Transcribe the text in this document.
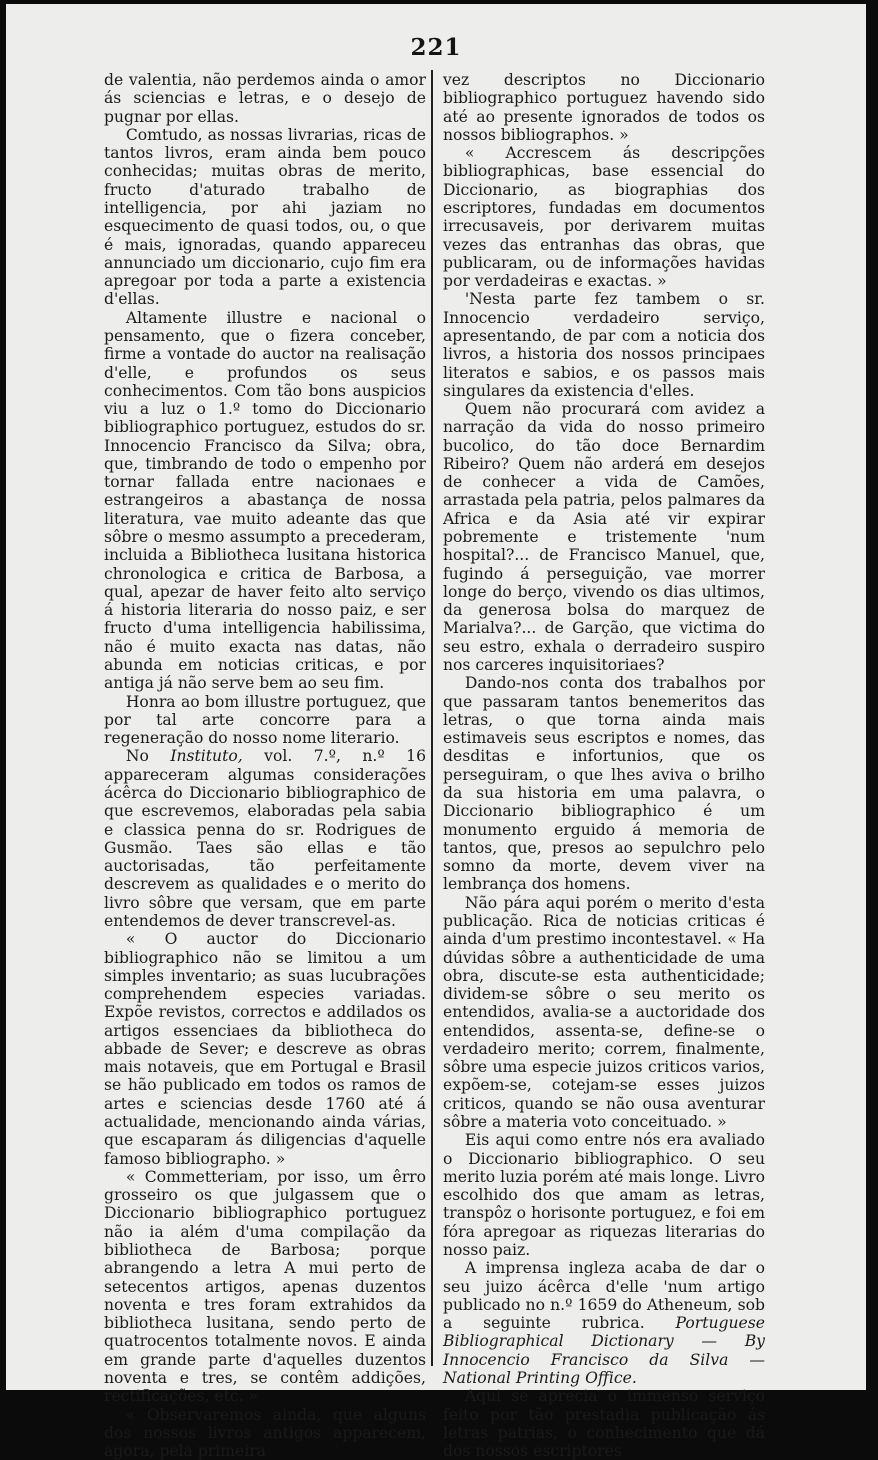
221

de valentia, não perdemos ainda o amor ás sciencias e letras, e o desejo de pugnar por ellas.

Comtudo, as nossas livrarias, ricas de tantos livros, eram ainda bem pouco conhecidas; muitas obras de merito, fructo d'aturado trabalho de intelligencia, por ahi jaziam no esquecimento de quasi todos, ou, o que é mais, ignoradas, quando appareceu annunciado um diccionario, cujo fim era apregoar por toda a parte a existencia d'ellas.

Altamente illustre e nacional o pensamento, que o fizera conceber, firme a vontade do auctor na realisação d'elle, e profundos os seus conhecimentos. Com tão bons auspicios viu a luz o 1.º tomo do Diccionario bibliographico portuguez, estudos do sr. Innocencio Francisco da Silva; obra, que, timbrando de todo o empenho por tornar fallada entre nacionaes e estrangeiros a abastança de nossa literatura, vae muito adeante das que sôbre o mesmo assumpto a precederam, incluida a Bibliotheca lusitana historica chronologica e critica de Barbosa, a qual, apezar de haver feito alto serviço á historia literaria do nosso paiz, e ser fructo d'uma intelligencia habilissima, não é muito exacta nas datas, não abunda em noticias criticas, e por antiga já não serve bem ao seu fim.

Honra ao bom illustre portuguez, que por tal arte concorre para a regeneração do nosso nome literario.

No Instituto, vol. 7.º, n.º 16 appareceram algumas considerações ácêrca do Diccionario bibliographico de que escrevemos, elaboradas pela sabia e classica penna do sr. Rodrigues de Gusmão. Taes são ellas e tão auctorisadas, tão perfeitamente descrevem as qualidades e o merito do livro sôbre que versam, que em parte entendemos de dever transcrevel-as.

« O auctor do Diccionario bibliographico não se limitou a um simples inventario; as suas lucubrações comprehendem especies variadas. Expõe revistos, correctos e addilados os artigos essenciaes da bibliotheca do abbade de Sever; e descreve as obras mais notaveis, que em Portugal e Brasil se hão publicado em todos os ramos de artes e sciencias desde 1760 até á actualidade, mencionando ainda várias, que escaparam ás diligencias d'aquelle famoso bibliographo. »

« Commetteriam, por isso, um êrro grosseiro os que julgassem que o Diccionario bibliographico portuguez não ia além d'uma compilação da bibliotheca de Barbosa; porque abrangendo a letra A mui perto de setecentos artigos, apenas duzentos noventa e tres foram extrahidos da bibliotheca lusitana, sendo perto de quatrocentos totalmente novos. E ainda em grande parte d'aquelles duzentos noventa e tres, se contêm addições, rectificações, etc. »

« Observaremos ainda, que alguns dos nossos livros antigos apparecem, agora, pela primeira

vez descriptos no Diccionario bibliographico portuguez havendo sido até ao presente ignorados de todos os nossos bibliographos. »

« Accrescem ás descripções bibliographicas, base essencial do Diccionario, as biographias dos escriptores, fundadas em documentos irrecusaveis, por derivarem muitas vezes das entranhas das obras, que publicaram, ou de informações havidas por verdadeiras e exactas. »

'Nesta parte fez tambem o sr. Innocencio verdadeiro serviço, apresentando, de par com a noticia dos livros, a historia dos nossos principaes literatos e sabios, e os passos mais singulares da existencia d'elles.

Quem não procurará com avidez a narração da vida do nosso primeiro bucolico, do tão doce Bernardim Ribeiro? Quem não arderá em desejos de conhecer a vida de Camões, arrastada pela patria, pelos palmares da Africa e da Asia até vir expirar pobremente e tristemente 'num hospital?... de Francisco Manuel, que, fugindo á perseguição, vae morrer longe do berço, vivendo os dias ultimos, da generosa bolsa do marquez de Marialva?... de Garção, que victima do seu estro, exhala o derradeiro suspiro nos carceres inquisitoriaes?

Dando-nos conta dos trabalhos por que passaram tantos benemeritos das letras, o que torna ainda mais estimaveis seus escriptos e nomes, das desditas e infortunios, que os perseguiram, o que lhes aviva o brilho da sua historia em uma palavra, o Diccionario bibliographico é um monumento erguido á memoria de tantos, que, presos ao sepulchro pelo somno da morte, devem viver na lembrança dos homens.

Não pára aqui porém o merito d'esta publicação. Rica de noticias criticas é ainda d'um prestimo incontestavel. « Ha dúvidas sôbre a authenticidade de uma obra, discute-se esta authenticidade; dividem-se sôbre o seu merito os entendidos, avalia-se a auctoridade dos entendidos, assenta-se, define-se o verdadeiro merito; correm, finalmente, sôbre uma especie juizos criticos varios, expõem-se, cotejam-se esses juizos criticos, quando se não ousa aventurar sôbre a materia voto conceituado. »

Eis aqui como entre nós era avaliado o Diccionario bibliographico. O seu merito luzia porém até mais longe. Livro escolhido dos que amam as letras, transpôz o horisonte portuguez, e foi em fóra apregoar as riquezas literarias do nosso paiz.

A imprensa ingleza acaba de dar o seu juizo ácêrca d'elle 'num artigo publicado no n.º 1659 do Atheneum, sob a seguinte rubrica. Portuguese Bibliographical Dictionary — By Innocencio Francisco da Silva — National Printing Office.

Aqui se aprecia o immenso serviço feito por tão prestadia publicação ás letras patrias, o conhecimento que dá dos nossos escriptores
